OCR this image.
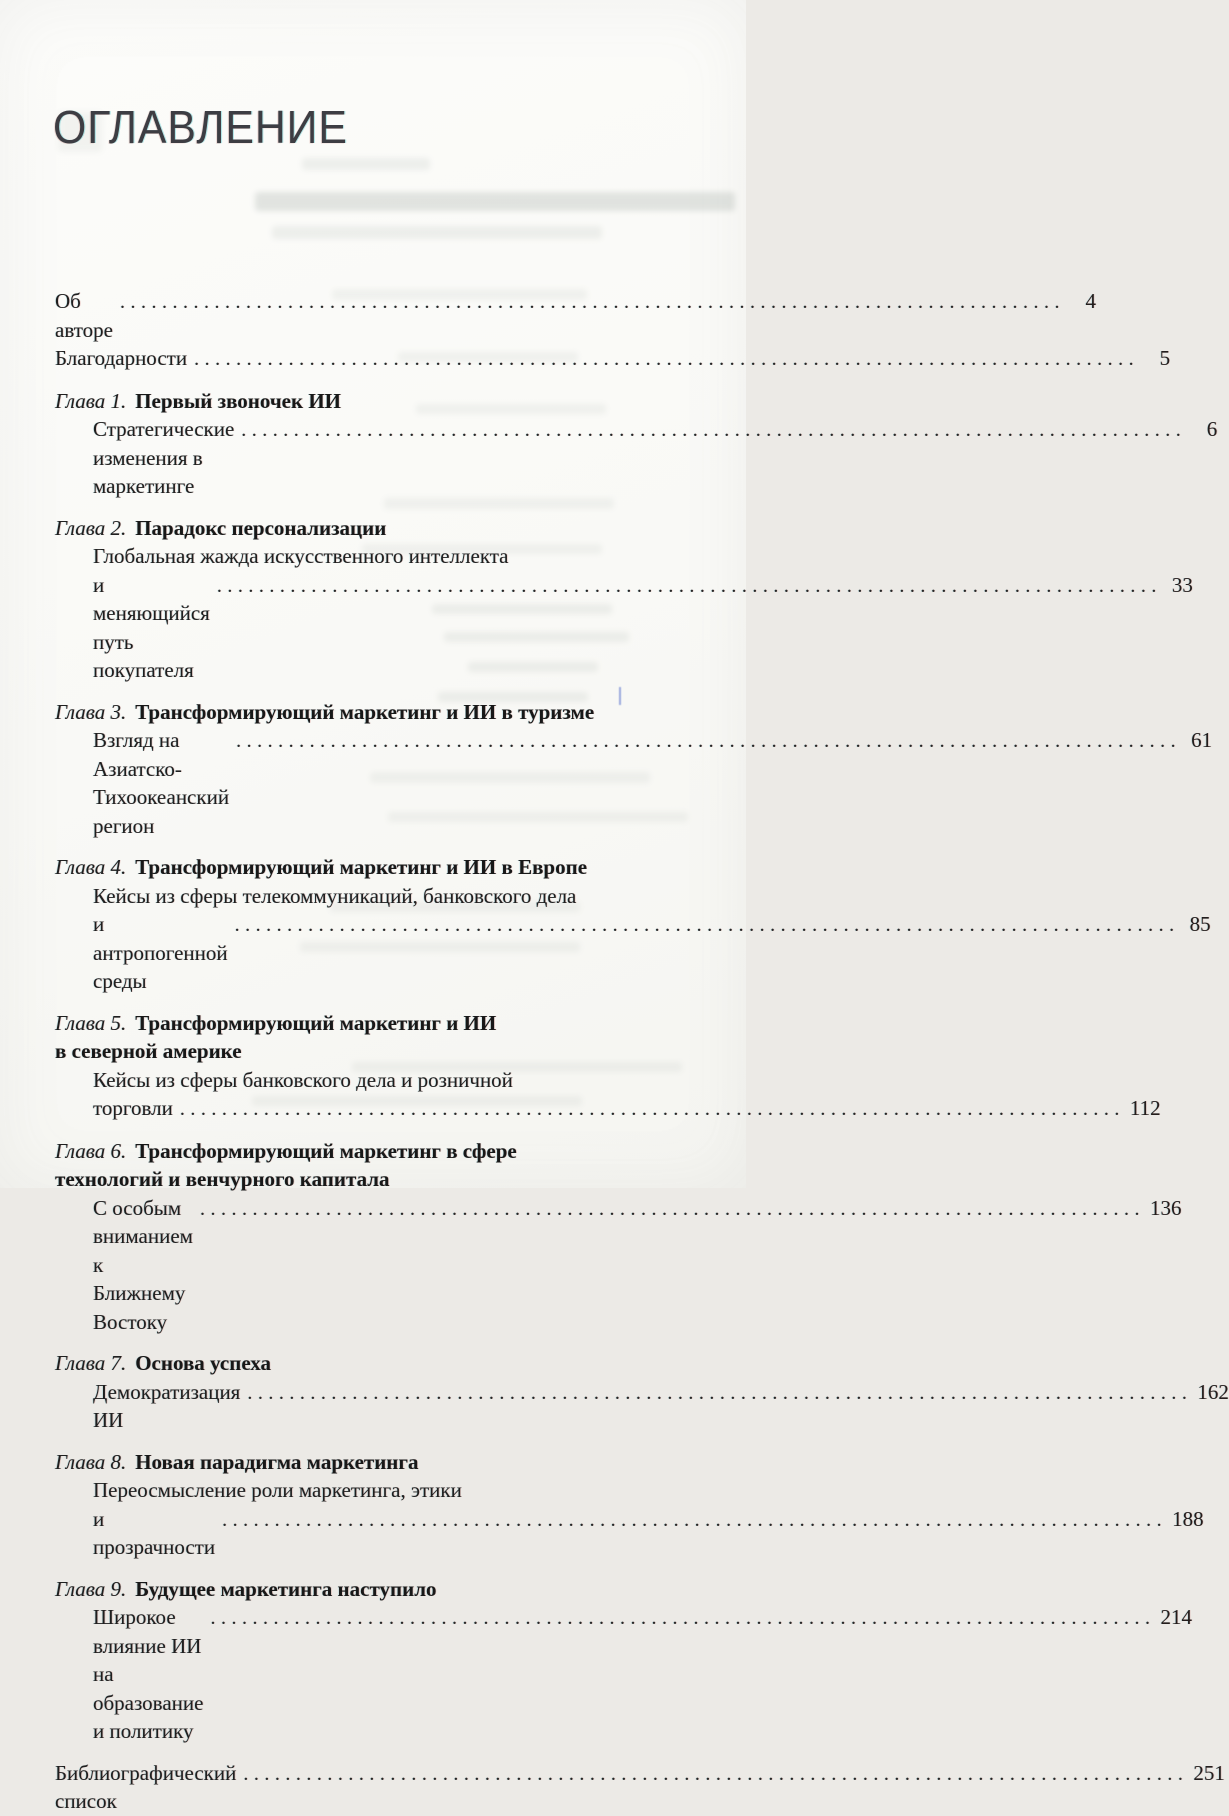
ОГЛАВЛЕНИЕ
Об авторе
.....
4
Благодарности .....	5
Глава 1. Первый звоночек ИИ
Стратегические изменения в маркетинге
.....
6
Глава 2. Парадокс персонализации
Глобальная жажда искусственного интеллекта
и меняющийся путь покупателя
.....
33
Глава 3. Трансформирующий маркетинг и ИИ в туризме
Взгляд на Азиатско-Тихоокеанский регион
.....
61
Глава 4. Трансформирующий маркетинг и ИИ в Европе
Кейсы из сферы телекоммуникаций, банковского дела
и антропогенной среды
.....
85
Глава 5. Трансформирующий маркетинг и ИИ
в северной америке
Кейсы из сферы банковского дела и розничной
торговли .....	112
Глава 6. Трансформирующий маркетинг в сфере
технологий и венчурного капитала
С особым вниманием к Ближнему Востоку
.....
136
Глава 7. Основа успеха
Демократизация ИИ
.....
162
Глава 8. Новая парадигма маркетинга
Переосмысление роли маркетинга, этики
и прозрачности
.....
188
Глава 9. Будущее маркетинга наступило
Широкое влияние ИИ на образование и политику
.....
214
Библиографический список
.....
251
